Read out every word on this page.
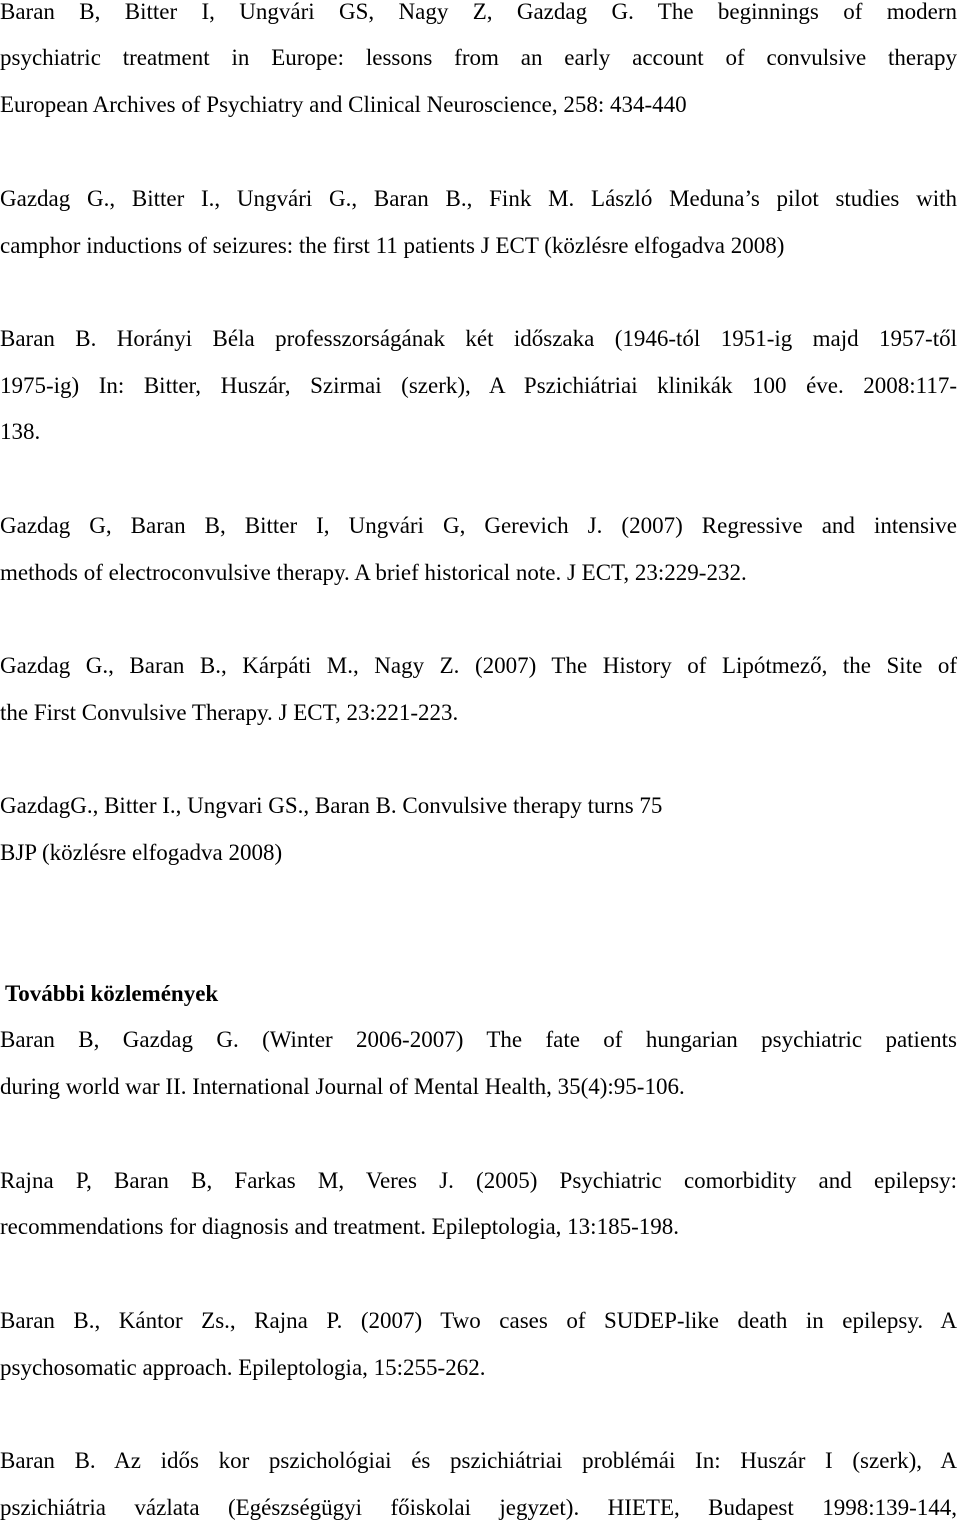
Baran B, Bitter I, Ungvári GS, Nagy Z, Gazdag G. The beginnings of modern

psychiatric treatment in Europe: lessons from an early account of convulsive therapy

European Archives of Psychiatry and Clinical Neuroscience, 258: 434-440

Gazdag G., Bitter I., Ungvári G., Baran B., Fink M. László Meduna’s pilot studies with

camphor inductions of seizures: the first 11 patients J ECT (közlésre elfogadva 2008)

Baran B. Horányi Béla professzorságának két időszaka (1946-tól 1951-ig majd 1957-től

1975-ig) In: Bitter, Huszár, Szirmai (szerk), A Pszichiátriai klinikák 100 éve. 2008:117-

138.

Gazdag G, Baran B, Bitter I, Ungvári G, Gerevich J. (2007) Regressive and intensive

methods of electroconvulsive therapy. A brief historical note. J ECT, 23:229-232.

Gazdag G., Baran B., Kárpáti M., Nagy Z. (2007) The History of Lipótmező, the Site of

the First Convulsive Therapy. J ECT, 23:221-223.

GazdagG., Bitter I., Ungvari GS., Baran B. Convulsive therapy turns 75

BJP (közlésre elfogadva 2008)

További közlemények

Baran B, Gazdag G. (Winter 2006-2007) The fate of hungarian psychiatric patients

during world war II. International Journal of Mental Health, 35(4):95-106.

Rajna P, Baran B, Farkas M, Veres J. (2005) Psychiatric comorbidity and epilepsy:

recommendations for diagnosis and treatment. Epileptologia, 13:185-198.

Baran B., Kántor Zs., Rajna P. (2007) Two cases of SUDEP-like death in epilepsy. A

psychosomatic approach. Epileptologia, 15:255-262.

Baran B. Az idős kor pszichológiai és pszichiátriai problémái In: Huszár I (szerk), A

pszichiátria vázlata (Egészségügyi főiskolai jegyzet). HIETE, Budapest 1998:139-144,
